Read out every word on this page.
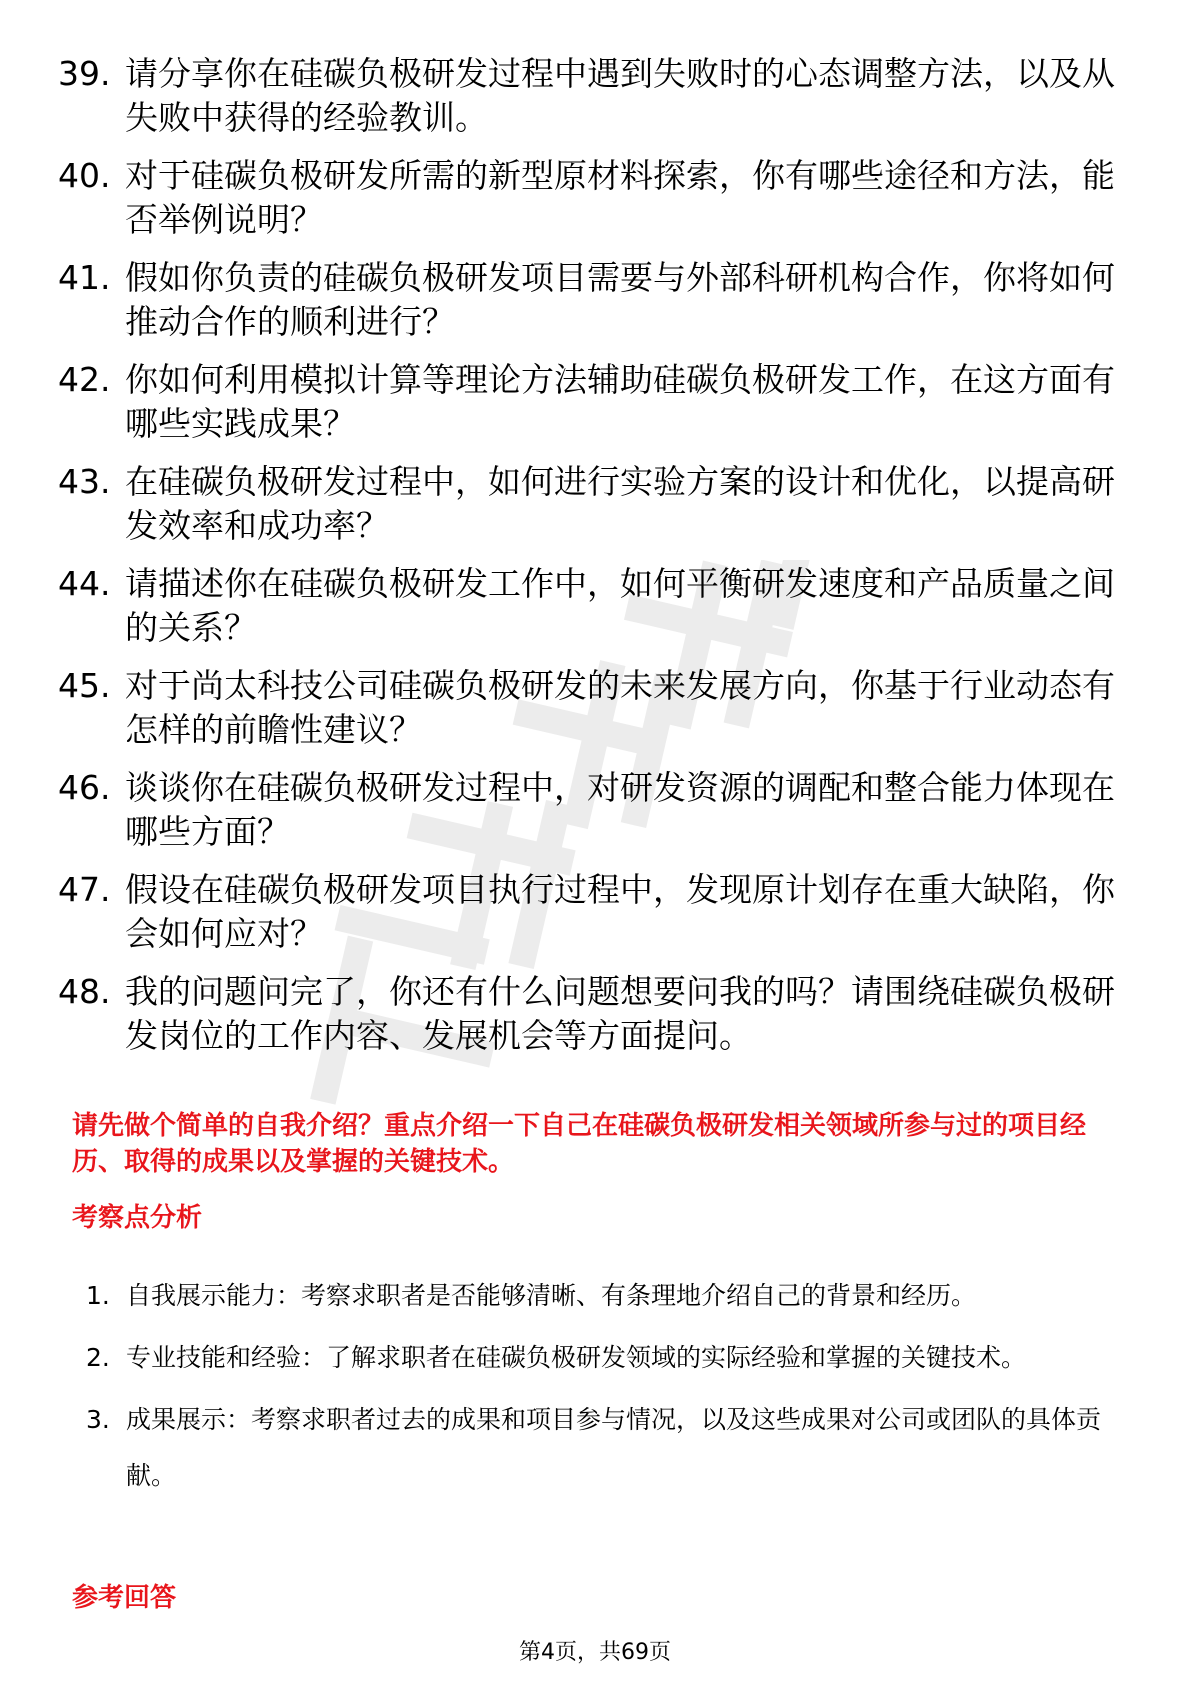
39. 请分享你在硅碳负极研发过程中遇到失败时的心态调整方法，以及从失败中获得的经验教训。
40. 对于硅碳负极研发所需的新型原材料探索，你有哪些途径和方法，能否举例说明？
41. 假如你负责的硅碳负极研发项目需要与外部科研机构合作，你将如何推动合作的顺利进行？
42. 你如何利用模拟计算等理论方法辅助硅碳负极研发工作，在这方面有哪些实践成果？
43. 在硅碳负极研发过程中，如何进行实验方案的设计和优化，以提高研发效率和成功率？
44. 请描述你在硅碳负极研发工作中，如何平衡研发速度和产品质量之间的关系？
45. 对于尚太科技公司硅碳负极研发的未来发展方向，你基于行业动态有怎样的前瞻性建议？
46. 谈谈你在硅碳负极研发过程中，对研发资源的调配和整合能力体现在哪些方面？
47. 假设在硅碳负极研发项目执行过程中，发现原计划存在重大缺陷，你会如何应对？
48. 我的问题问完了，你还有什么问题想要问我的吗？请围绕硅碳负极研发岗位的工作内容、发展机会等方面提问。

请先做个简单的自我介绍？重点介绍一下自己在硅碳负极研发相关领域所参与过的项目经历、取得的成果以及掌握的关键技术。

考察点分析
1. 自我展示能力：考察求职者是否能够清晰、有条理地介绍自己的背景和经历。
2. 专业技能和经验：了解求职者在硅碳负极研发领域的实际经验和掌握的关键技术。
3. 成果展示：考察求职者过去的成果和项目参与情况，以及这些成果对公司或团队的具体贡献。
参考回答
第4页，共69页
